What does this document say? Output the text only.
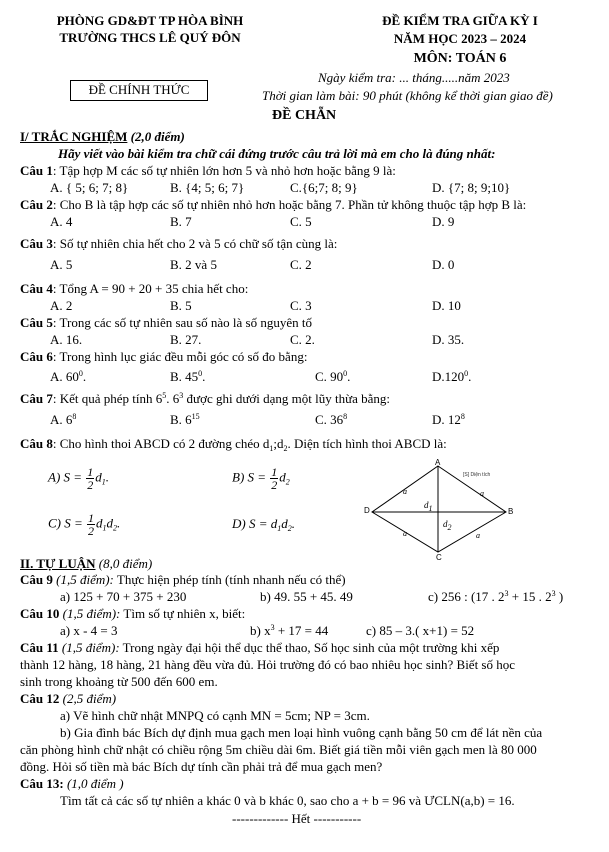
PHÒNG GD&ĐT TP HÒA BÌNH
TRƯỜNG THCS LÊ QUÝ ĐÔN
ĐỀ CHÍNH THỨC
ĐỀ KIỂM TRA GIỮA KỲ I
NĂM HỌC 2023 – 2024
MÔN: TOÁN 6
Ngày kiểm tra: ... tháng.....năm 2023
Thời gian làm bài: 90 phút (không kể thời gian giao đề)
ĐỀ CHẴN
I/ TRẮC NGHIỆM (2,0 điểm)
Hãy viết vào bài kiểm tra chữ cái đứng trước câu trả lời mà em cho là đúng nhất:
Câu 1: Tập hợp M các số tự nhiên lớn hơn 5 và nhỏ hơn hoặc bằng 9 là:
A. { 5; 6; 7; 8}	B. {4; 5; 6; 7}	C.{6;7; 8; 9}	D. {7; 8; 9;10}
Câu 2: Cho B là tập hợp các số tự nhiên nhỏ hơn hoặc bằng 7. Phần tử không thuộc tập hợp B là:
A. 4	B. 7	C. 5	D. 9
Câu 3: Số tự nhiên chia hết cho 2 và 5 có chữ số tận cùng là:
A. 5	B. 2 và 5	C. 2	D. 0
Câu 4: Tổng A = 90 + 20 + 35 chia hết cho:
A. 2	B. 5	C. 3	D. 10
Câu 5: Trong các số tự nhiên sau số nào là số nguyên tố
A. 16.	B. 27.	C. 2.	D. 35.
Câu 6: Trong hình lục giác đều mỗi góc có số đo bằng:
A. $60^0$.	B. $45^0$.	C. $90^0$.	D.120$^0$.
Câu 7: Kết quả phép tính $6^5$. $6^3$ được ghi dưới dạng một lũy thừa bằng:
A. $6^8$	B. $6^{15}$	C. $36^8$	D. $12^8$
Câu 8: Cho hình thoi ABCD có 2 đường chéo $d_1;d_2$. Diện tích hình thoi ABCD là:
A) $S = \frac{1}{2} d_1$.	B) $S = \frac{1}{2} d_2$
C) $S = \frac{1}{2} d_1d_2$.	D) $S = d_1d_2$.
A
B
C
D
[S] Diện tích
a	a
a	a
$d_1$
$d_2$
II. TỰ LUẬN (8,0 điểm)
Câu 9 (1,5 điểm): Thực hiện phép tính (tính nhanh nếu có thể)
a) 125 + 70 + 375 + 230	b) 49. 55 + 45. 49	c) 256 : (17 . $2^3 + 15$ . $2^3$ )
Câu 10 (1,5 điểm): Tìm số tự nhiên x, biết:
a) x - 4 = 3	b) $x^3 + 17 = 44$	c) 85 – 3.( x+1) = 52
Câu 11 (1,5 điểm): Trong ngày đại hội thể dục thể thao, Số học sinh của một trường khi xếp
thành 12 hàng, 18 hàng, 21 hàng đều vừa đủ. Hỏi trường đó có bao nhiêu học sinh? Biết số học
sinh trong khoảng từ 500 đến 600 em.
Câu 12 (2,5 điểm)
a) Vẽ hình chữ nhật MNPQ có cạnh MN = 5cm; NP = 3cm.
b) Gia đình bác Bích dự định mua gạch men loại hình vuông cạnh bằng 50 cm để lát nền của
căn phòng hình chữ nhật có chiều rộng 5m chiều dài 6m. Biết giá tiền mỗi viên gạch men là 80 000
đồng. Hỏi số tiền mà bác Bích dự tính cần phải trả để mua gạch men?
Câu 13: (1,0 điểm )
Tìm tất cả các số tự nhiên a khác 0 và b khác 0, sao cho a + b = 96 và ƯCLN(a,b) = 16.
------------- Hết -----------
